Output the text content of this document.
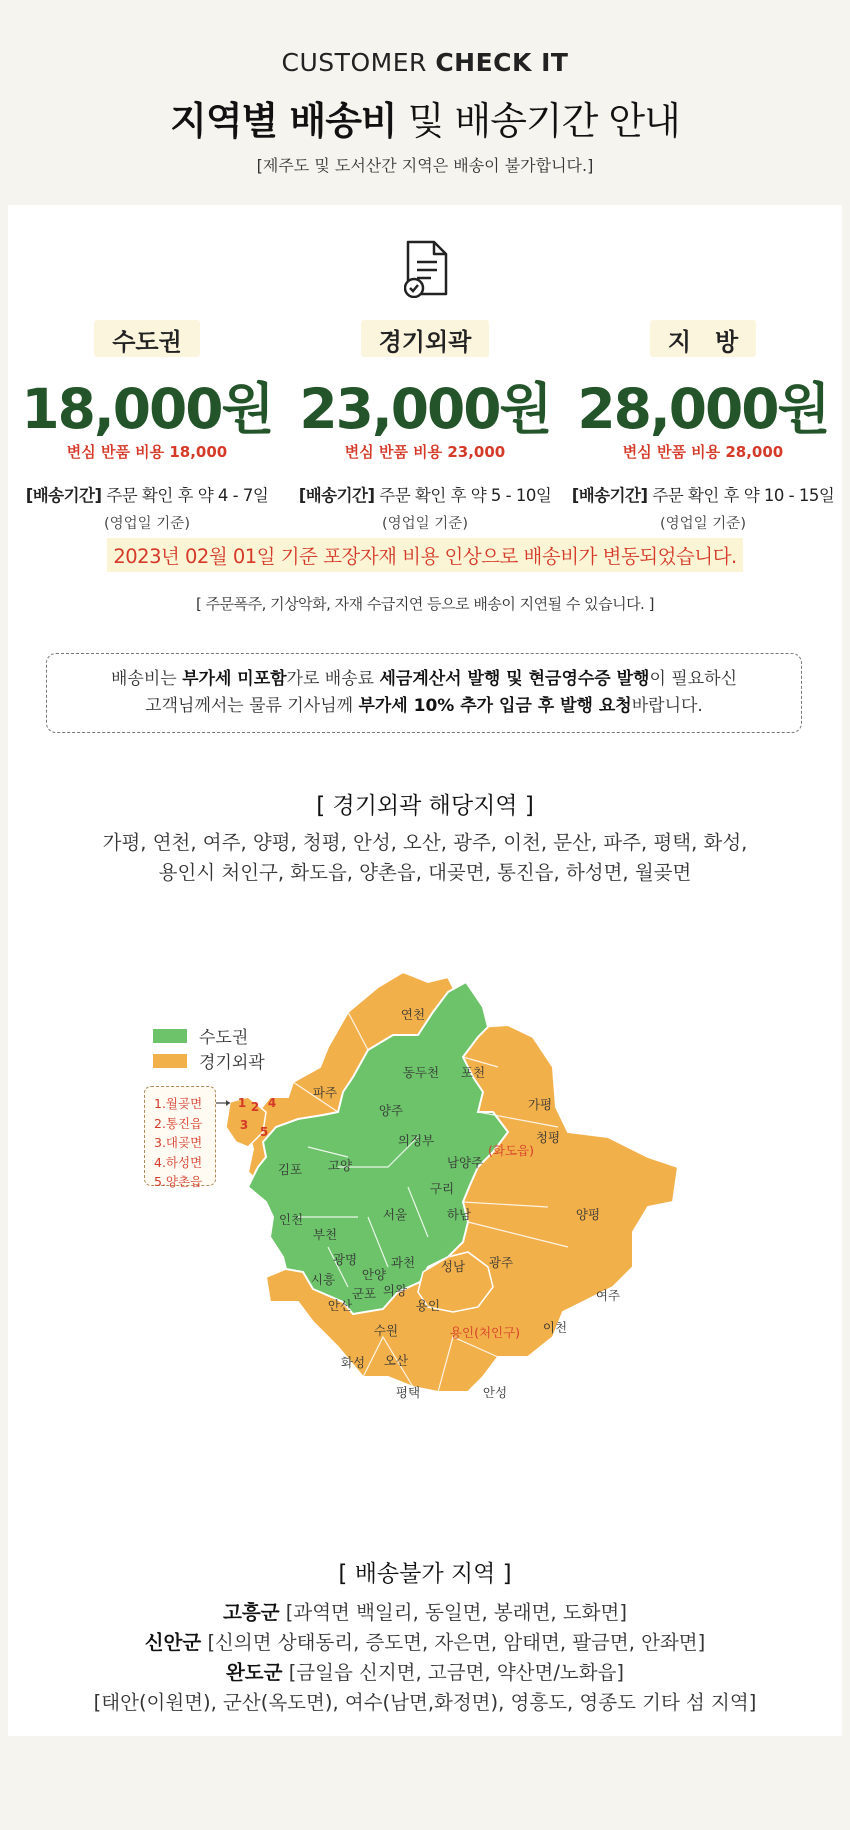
CUSTOMER CHECK IT
지역별 배송비 및 배송기간 안내
[제주도 및 도서산간 지역은 배송이 불가합니다.]
수도권
18,000원
변심 반품 비용 18,000
[배송기간] 주문 확인 후 약 4 - 7일
(영업일 기준)
경기외곽
23,000원
변심 반품 비용 23,000
[배송기간] 주문 확인 후 약 5 - 10일
(영업일 기준)
지　방
28,000원
변심 반품 비용 28,000
[배송기간] 주문 확인 후 약 10 - 15일
(영업일 기준)
2023년 02월 01일 기준 포장자재 비용 인상으로 배송비가 변동되었습니다.
[ 주문폭주, 기상악화, 자재 수급지연 등으로 배송이 지연될 수 있습니다. ]
배송비는 부가세 미포함가로 배송료 세금계산서 발행 및 현금영수증 발행이 필요하신
고객님께서는 물류 기사님께 부가세 10% 추가 입금 후 발행 요청바랍니다.
[ 경기외곽 해당지역 ]
가평, 연천, 여주, 양평, 청평, 안성, 오산, 광주, 이천, 문산, 파주, 평택, 화성,
용인시 처인구, 화도읍, 양촌읍, 대곶면, 통진읍, 하성면, 월곶면
연천
동두천 포천
파주
양주	가평
청평
의정부
고양
김포	남양주
(화도읍)
구리
서울	하남	양평
인천
부천
광명	과천
안양
시흥
성남 광주
군포 의왕
안산	용인
여주
수원	용인(처인구) 이천
화성 오산
평택	안성
1 2 4
3 5
수도권
경기외곽
1.월곶면
2.통진읍
3.대곶면
4.하성면
5.양촌읍
[ 배송불가 지역 ]
고흥군 [과역면 백일리, 동일면, 봉래면, 도화면]
신안군 [신의면 상태동리, 증도면, 자은면, 암태면, 팔금면, 안좌면]
완도군 [금일읍 신지면, 고금면, 약산면/노화읍]
[태안(이원면), 군산(옥도면), 여수(남면,화정면), 영흥도, 영종도 기타 섬 지역]
